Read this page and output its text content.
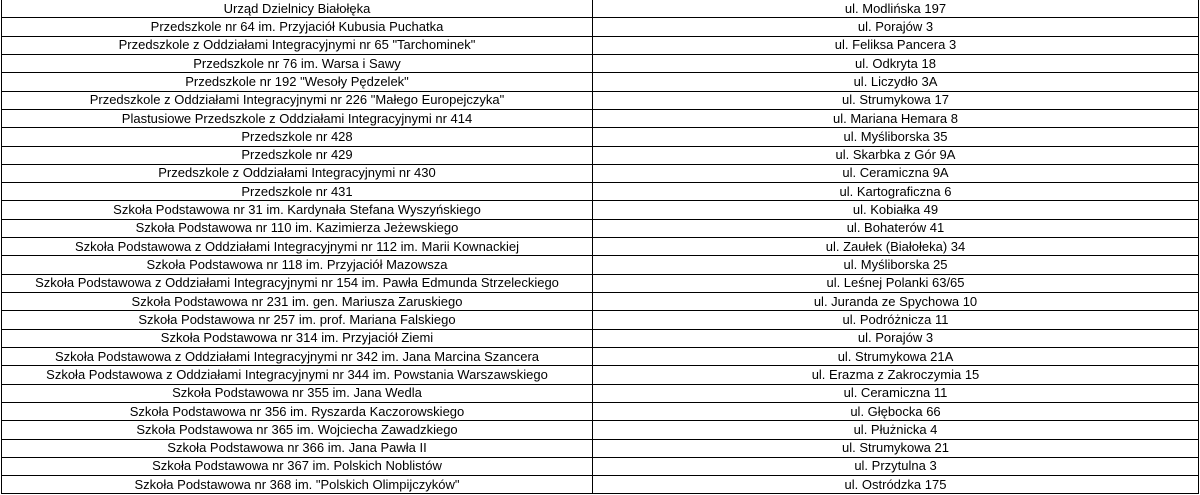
Urząd Dzielnicy Białołęka	ul. Modlińska 197
Przedszkole nr 64 im. Przyjaciół Kubusia Puchatka	ul. Porajów 3
Przedszkole z Oddziałami Integracyjnymi nr 65 "Tarchominek"	ul. Feliksa Pancera 3
Przedszkole nr 76 im. Warsa i Sawy	ul. Odkryta 18
Przedszkole nr 192 "Wesoły Pędzelek"	ul. Liczydło 3A
Przedszkole z Oddziałami Integracyjnymi nr 226 "Małego Europejczyka"	ul. Strumykowa 17
Plastusiowe Przedszkole z Oddziałami Integracyjnymi nr 414	ul. Mariana Hemara 8
Przedszkole nr 428	ul. Myśliborska 35
Przedszkole nr 429	ul. Skarbka z Gór 9A
Przedszkole z Oddziałami Integracyjnymi nr 430	ul. Ceramiczna 9A
Przedszkole nr 431	ul. Kartograficzna 6
Szkoła Podstawowa nr 31 im. Kardynała Stefana Wyszyńskiego	ul. Kobiałka 49
Szkoła Podstawowa nr 110 im. Kazimierza Jeżewskiego	ul. Bohaterów 41
Szkoła Podstawowa z Oddziałami Integracyjnymi nr 112 im. Marii Kownackiej	ul. Zaułek (Białołeka) 34
Szkoła Podstawowa nr 118 im. Przyjaciół Mazowsza	ul. Myśliborska 25
Szkoła Podstawowa z Oddziałami Integracyjnymi nr 154 im. Pawła Edmunda Strzeleckiego	ul. Leśnej Polanki 63/65
Szkoła Podstawowa nr 231 im. gen. Mariusza Zaruskiego	ul. Juranda ze Spychowa 10
Szkoła Podstawowa nr 257 im. prof. Mariana Falskiego	ul. Podróżnicza 11
Szkoła Podstawowa nr 314 im. Przyjaciół Ziemi	ul. Porajów 3
Szkoła Podstawowa z Oddziałami Integracyjnymi nr 342 im. Jana Marcina Szancera	ul. Strumykowa 21A
Szkoła Podstawowa z Oddziałami Integracyjnymi nr 344 im. Powstania Warszawskiego	ul. Erazma z Zakroczymia 15
Szkoła Podstawowa nr 355 im. Jana Wedla	ul. Ceramiczna 11
Szkoła Podstawowa nr 356 im. Ryszarda Kaczorowskiego	ul. Głębocka 66
Szkoła Podstawowa nr 365 im. Wojciecha Zawadzkiego	ul. Płużnicka 4
Szkoła Podstawowa nr 366 im. Jana Pawła II	ul. Strumykowa 21
Szkoła Podstawowa nr 367 im. Polskich Noblistów	ul. Przytulna 3
Szkoła Podstawowa nr 368 im. "Polskich Olimpijczyków"	ul. Ostródzka 175
